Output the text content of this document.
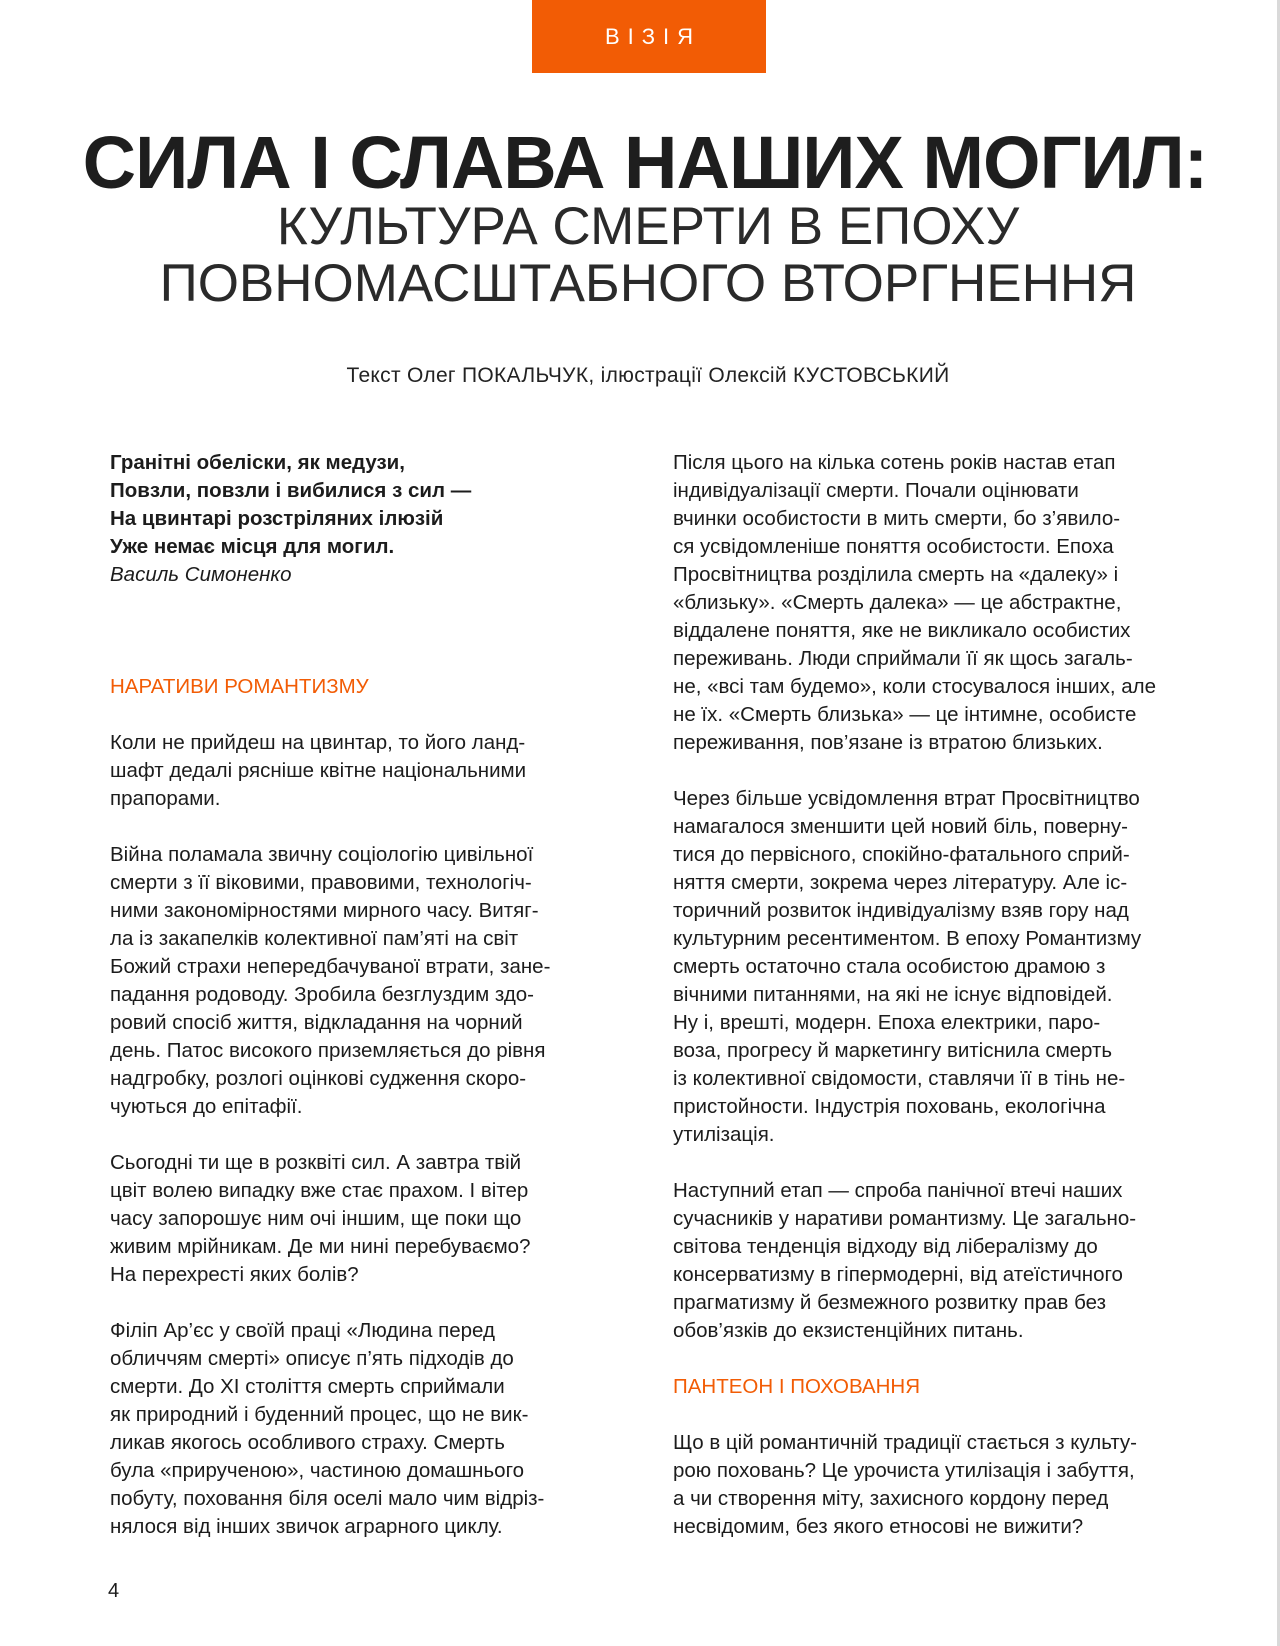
ВІЗІЯ
СИЛА І СЛАВА НАШИХ МОГИЛ:
КУЛЬТУРА СМЕРТИ В ЕПОХУ
ПОВНОМАСШТАБНОГО ВТОРГНЕННЯ
Текст Олег ПОКАЛЬЧУК, ілюстрації Олексій КУСТОВСЬКИЙ

Гранітні обеліски, як медузи,
Повзли, повзли і вибилися з сил —
На цвинтарі розстріляних ілюзій
Уже немає місця для могил.
Василь Симоненко

НАРАТИВИ РОМАНТИЗМУ

Коли не прийдеш на цвинтар, то його ланд-
шафт дедалі рясніше квітне національними
прапорами.

Війна поламала звичну соціологію цивільної
смерти з її віковими, правовими, технологіч-
ними закономірностями мирного часу. Витяг-
ла із закапелків колективної пам’яті на світ
Божий страхи непередбачуваної втрати, зане-
падання родоводу. Зробила безглуздим здо-
ровий спосіб життя, відкладання на чорний
день. Патос високого приземляється до рівня
надгробку, розлогі оцінкові судження скоро-
чуються до епітафії.

Сьогодні ти ще в розквіті сил. А завтра твій
цвіт волею випадку вже стає прахом. І вітер
часу запорошує ним очі іншим, ще поки що
живим мрійникам. Де ми нині перебуваємо?
На перехресті яких болів?

Філіп Ар’єс у своїй праці «Людина перед
обличчям смерті» описує п’ять підходів до
смерти. До XI століття смерть сприймали
як природний і буденний процес, що не вик-
ликав якогось особливого страху. Смерть
була «прирученою», частиною домашнього
побуту, поховання біля оселі мало чим відріз-
нялося від інших звичок аграрного циклу.

Після цього на кілька сотень років настав етап
індивідуалізації смерти. Почали оцінювати
вчинки особистости в мить смерти, бо з’явило-
ся усвідомленіше поняття особистости. Епоха
Просвітництва розділила смерть на «далеку» і
«близьку». «Смерть далека» — це абстрактне,
віддалене поняття, яке не викликало особистих
переживань. Люди сприймали її як щось загаль-
не, «всі там будемо», коли стосувалося інших, але
не їх. «Смерть близька» — це інтимне, особисте
переживання, пов’язане із втратою близьких.

Через більше усвідомлення втрат Просвітництво
намагалося зменшити цей новий біль, поверну-
тися до первісного, спокійно-фатального сприй-
няття смерти, зокрема через літературу. Але іс-
торичний розвиток індивідуалізму взяв гору над
культурним ресентиментом. В епоху Романтизму
смерть остаточно стала особистою драмою з
вічними питаннями, на які не існує відповідей.
Ну і, врешті, модерн. Епоха електрики, паро-
воза, прогресу й маркетингу витіснила смерть
із колективної свідомости, ставлячи її в тінь не-
пристойности. Індустрія поховань, екологічна
утилізація.

Наступний етап — спроба панічної втечі наших
сучасників у наративи романтизму. Це загально-
світова тенденція відходу від лібералізму до
консерватизму в гіпермодерні, від атеїстичного
прагматизму й безмежного розвитку прав без
обов’язків до екзистенційних питань.

ПАНТЕОН І ПОХОВАННЯ

Що в цій романтичній традиції стається з культу-
рою поховань? Це урочиста утилізація і забуття,
а чи створення міту, захисного кордону перед
несвідомим, без якого етносові не вижити?

4
